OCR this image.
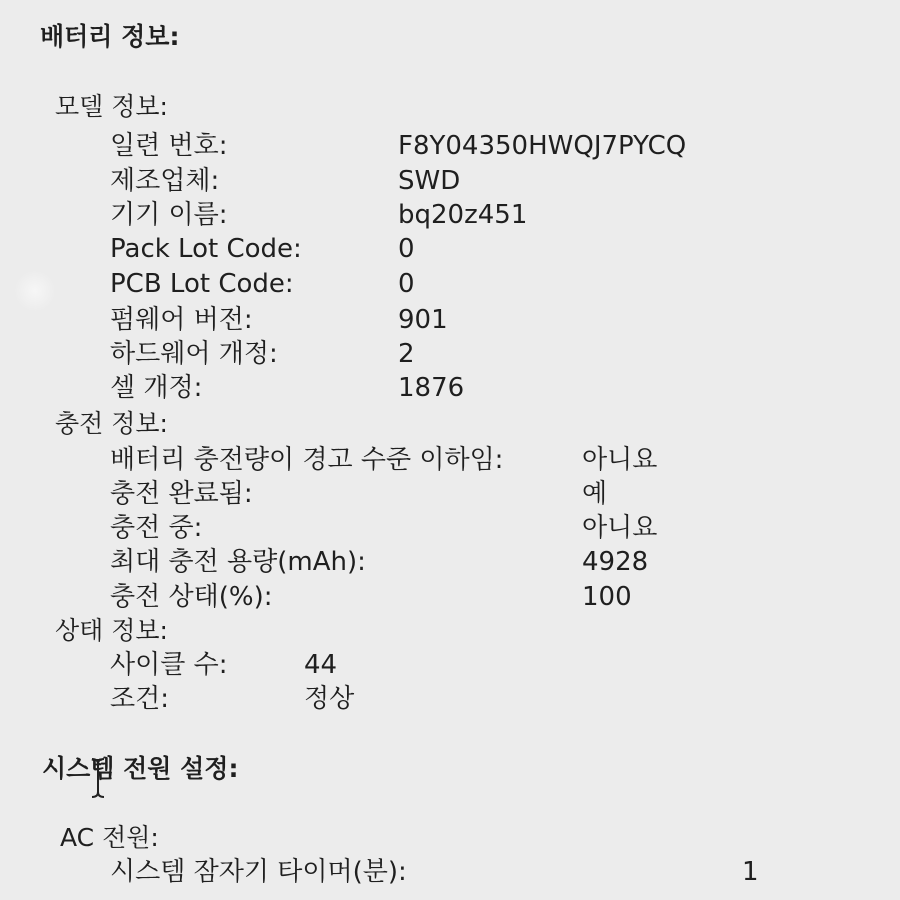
배터리 정보:
모델 정보:
일련 번호:	F8Y04350HWQJ7PYCQ
제조업체:	SWD
기기 이름:	bq20z451
Pack Lot Code:	0
PCB Lot Code:	0
펌웨어 버전:	901
하드웨어 개정:	2
셀 개정:	1876
충전 정보:
배터리 충전량이 경고 수준 이하임:	아니요
충전 완료됨:	예
충전 중:	아니요
최대 충전 용량(mAh):	4928
충전 상태(%):	100
상태 정보:
사이클 수:	44
조건:	정상
시스템 전원 설정:
AC 전원:
시스템 잠자기 타이머(분):	1
